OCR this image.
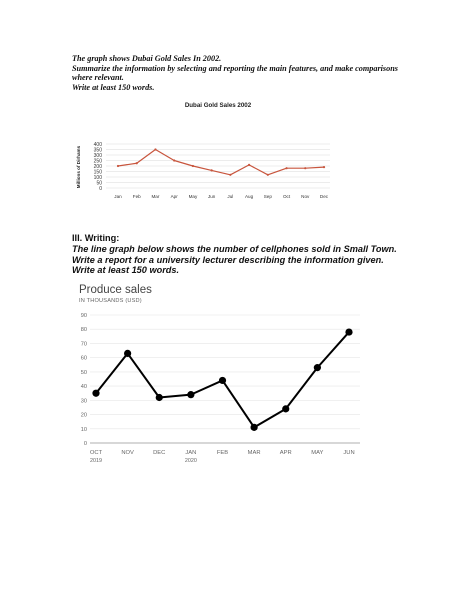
The graph shows Dubai Gold Sales In 2002.

Summarize the information by selecting and reporting the main features, and make comparisons

where relevant.

Write at least 150 words.

Dubai Gold Sales 2002
Millions of Dirhams
0
50
100
150
200
250
300
350
400
Jan Feb Mar Apr May Jun	Jul	Aug Sep Oct Nov Dec

III. Writing:

The line graph below shows the number of cellphones sold in Small Town.

Write a report for a university lecturer describing the information given.

Write at least 150 words.

Produce sales
IN THOUSANDS (USD)
0
10
20
30
40
50
60
70
80
90
OCT
2019
NOV	DEC	JAN
2020
FEB	MAR	APR	MAY	JUN
